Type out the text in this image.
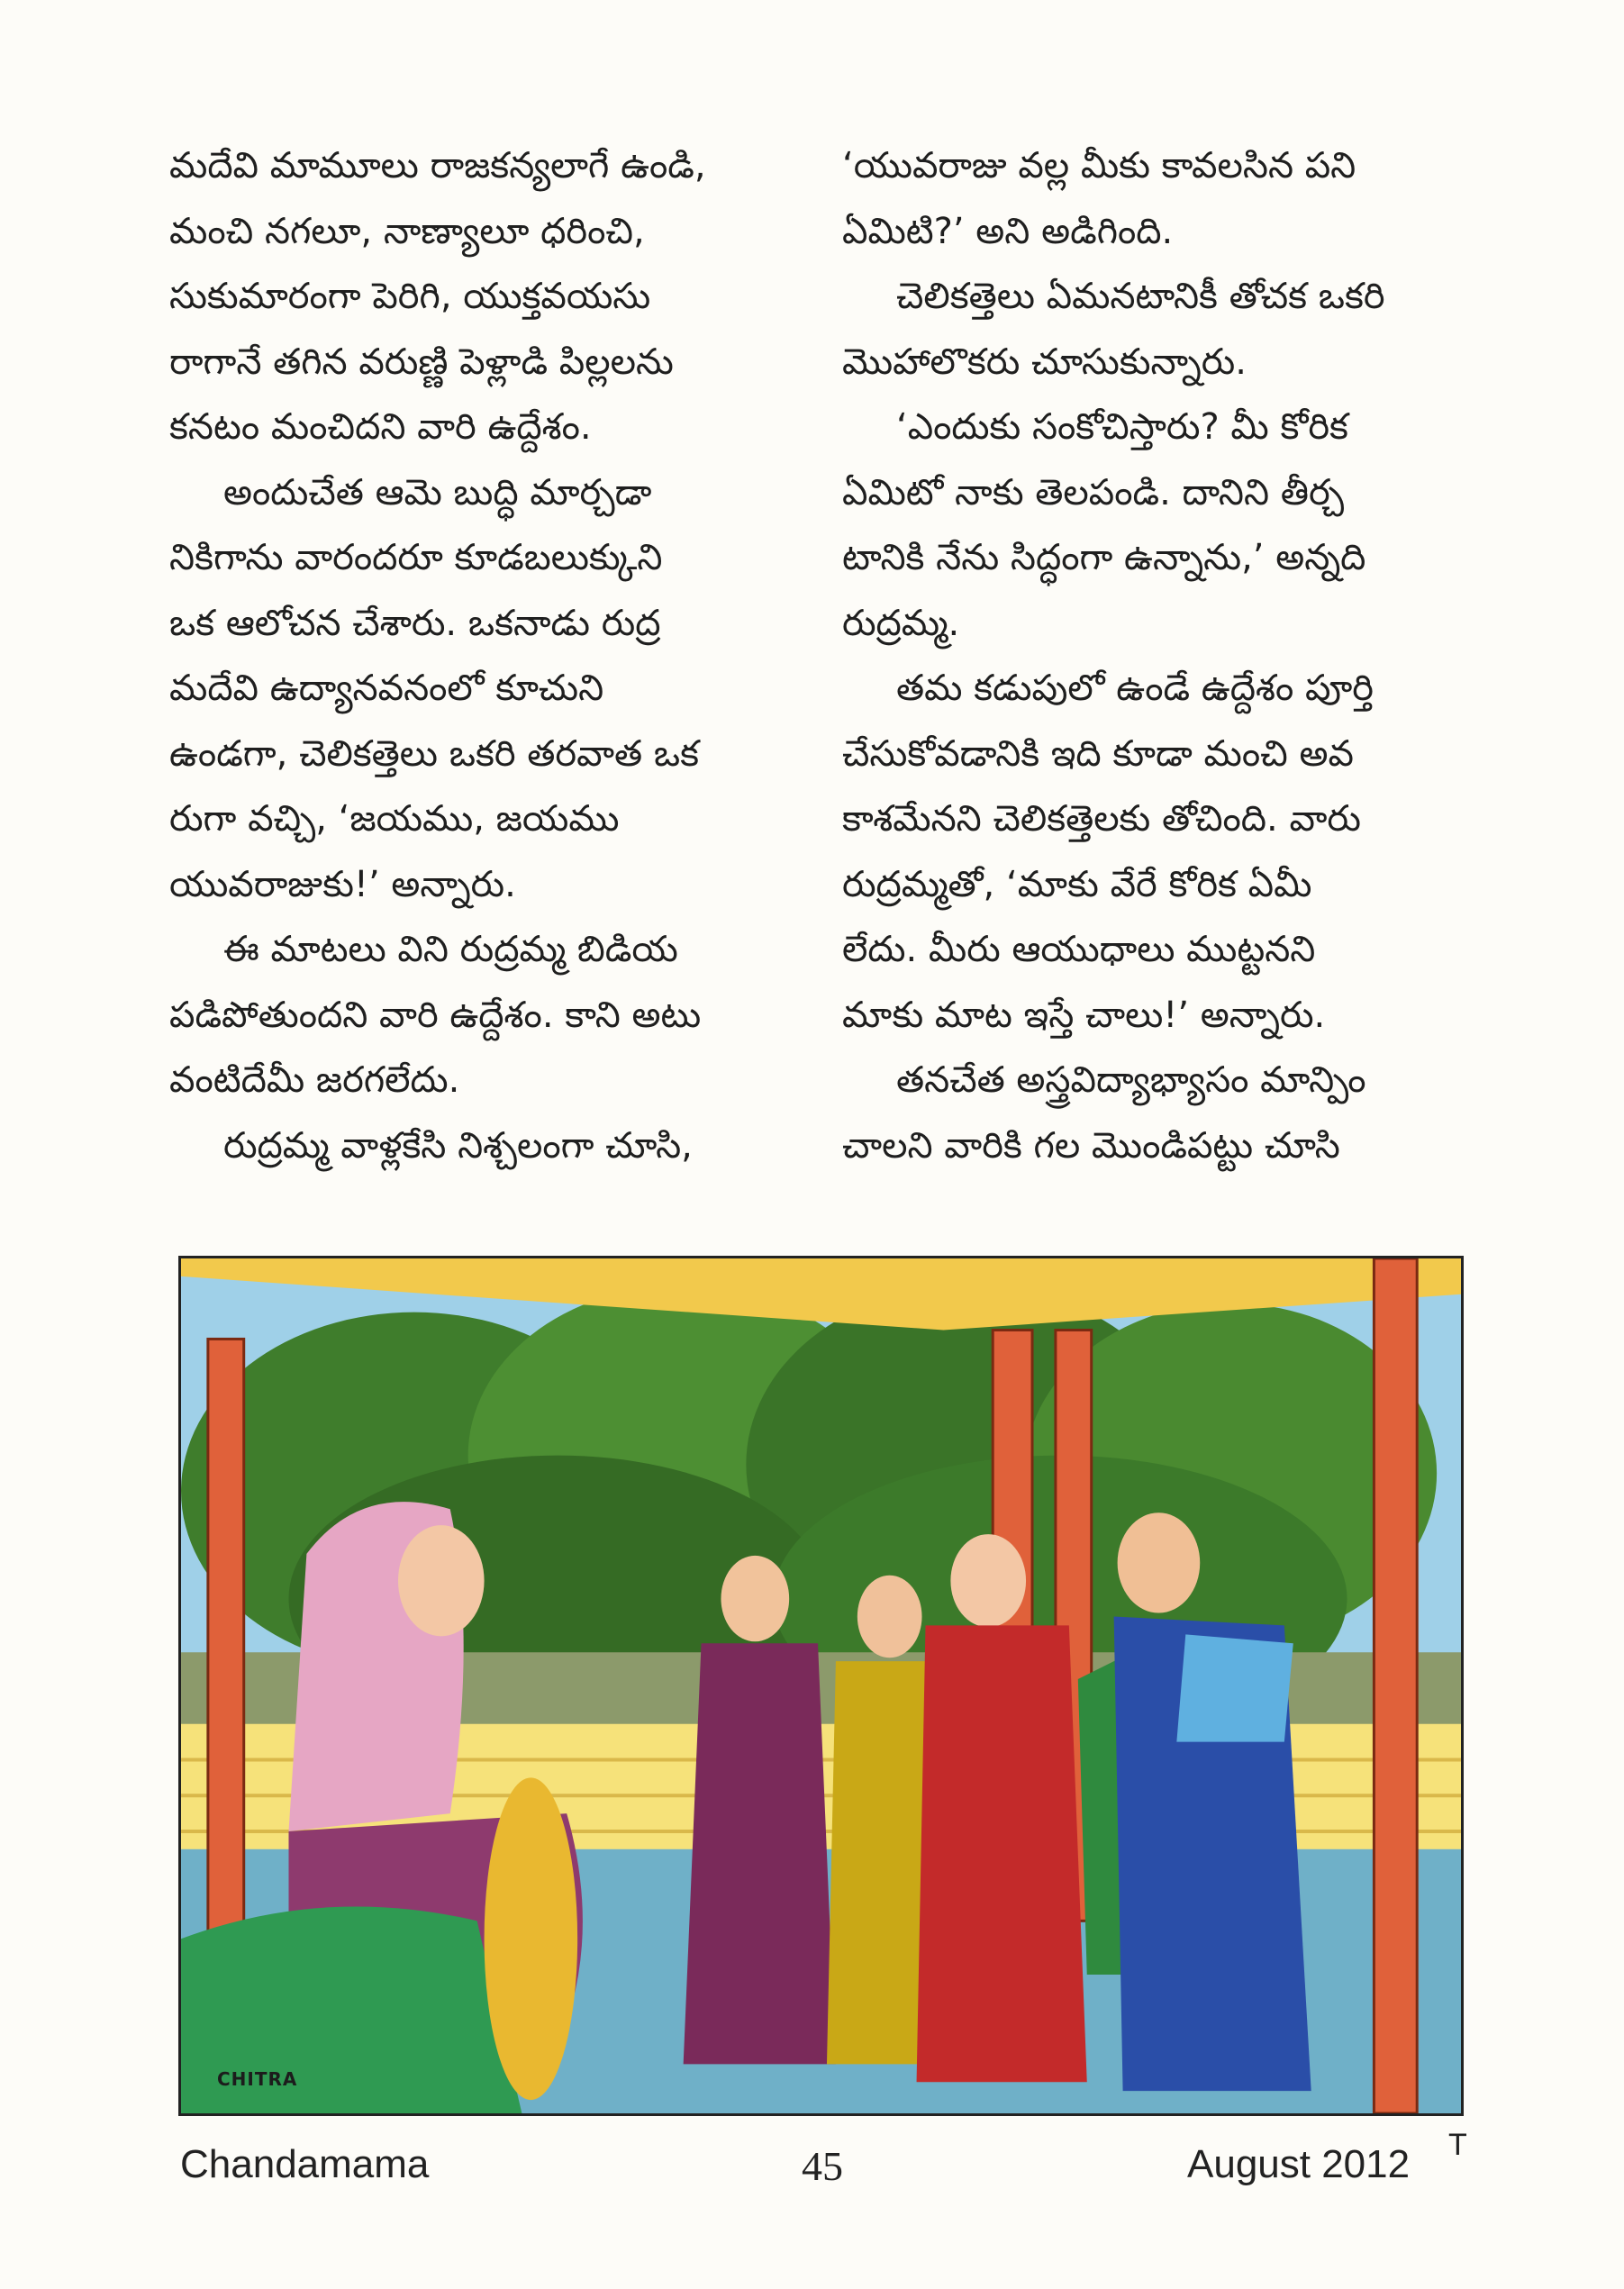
మదేవి మామూలు రాజకన్యలాగే ఉండి,

మంచి నగలూ, నాణ్యాలూ ధరించి,

సుకుమారంగా పెరిగి, యుక్తవయసు

రాగానే తగిన వరుణ్ణి పెళ్లాడి పిల్లలను

కనటం మంచిదని వారి ఉద్దేశం.

అందుచేత ఆమె బుద్ధి మార్చడా

నికిగాను వారందరూ కూడబలుక్కుని

ఒక ఆలోచన చేశారు. ఒకనాడు రుద్ర

మదేవి ఉద్యానవనంలో కూచుని

ఉండగా, చెలికత్తెలు ఒకరి తరవాత ఒక

రుగా వచ్చి, ‘జయము, జయము

యువరాజుకు!’ అన్నారు.

ఈ మాటలు విని రుద్రమ్మ బిడియ

పడిపోతుందని వారి ఉద్దేశం. కాని అటు

వంటిదేమీ జరగలేదు.

రుద్రమ్మ వాళ్లకేసి నిశ్చలంగా చూసి,

‘యువరాజు వల్ల మీకు కావలసిన పని

ఏమిటి?’ అని అడిగింది.

చెలికత్తెలు ఏమనటానికీ తోచక ఒకరి

మొహాలొకరు చూసుకున్నారు.

‘ఎందుకు సంకోచిస్తారు? మీ కోరిక

ఏమిటో నాకు తెలపండి. దానిని తీర్చ

టానికి నేను సిద్ధంగా ఉన్నాను,’ అన్నది

రుద్రమ్మ.

తమ కడుపులో ఉండే ఉద్దేశం పూర్తి

చేసుకోవడానికి ఇది కూడా మంచి అవ

కాశమేనని చెలికత్తెలకు తోచింది. వారు

రుద్రమ్మతో, ‘మాకు వేరే కోరిక ఏమీ

లేదు. మీరు ఆయుధాలు ముట్టనని

మాకు మాట ఇస్తే చాలు!’ అన్నారు.

తనచేత అస్త్రవిద్యాభ్యాసం మాన్పిం

చాలని వారికి గల మొండిపట్టు చూసి

CHITRA
Chandamama	45	August 2012 T
